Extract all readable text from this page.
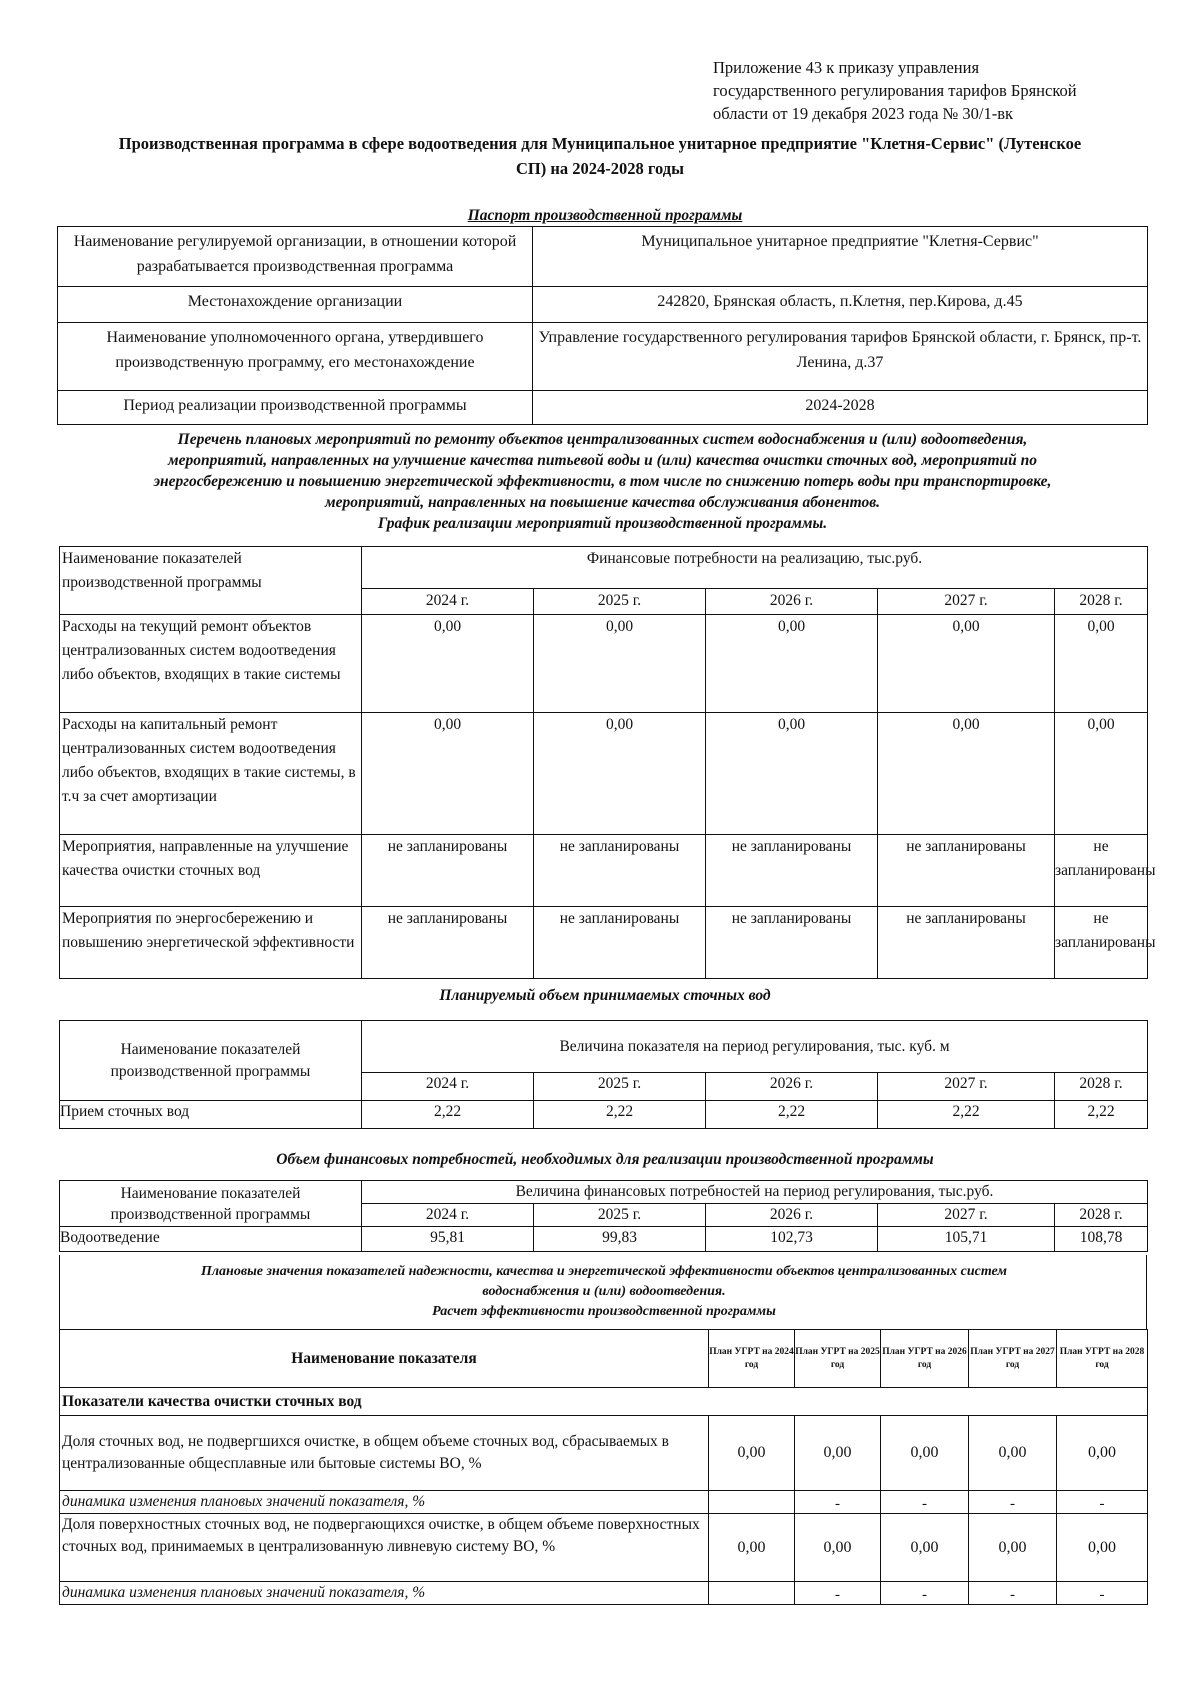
Приложение 43 к приказу управления
государственного регулирования тарифов Брянской
области от 19 декабря 2023 года № 30/1-вк
Производственная программа в сфере водоотведения для Муниципальное унитарное предприятие "Клетня-Сервис" (Лутенское
СП) на 2024-2028 годы
Паспорт производственной программы
Наименование регулируемой организации, в отношении которой разрабатывается производственная программа	Муниципальное унитарное предприятие "Клетня-Сервис"
Местонахождение организации	242820, Брянская область, п.Клетня, пер.Кирова, д.45
Наименование уполномоченного органа, утвердившего производственную программу, его местонахождение	Управление государственного регулирования тарифов Брянской области, г. Брянск, пр-т. Ленина, д.37
Период реализации производственной программы	2024-2028
Перечень плановых мероприятий по ремонту объектов централизованных систем водоснабжения и (или) водоотведения,
мероприятий, направленных на улучшение качества питьевой воды и (или) качества очистки сточных вод, мероприятий по
энергосбережению и повышению энергетической эффективности, в том числе по снижению потерь воды при транспортировке,
мероприятий, направленных на повышение качества обслуживания абонентов.
График реализации мероприятий производственной программы.
Наименование показателей производственной программы	Финансовые потребности на реализацию, тыс.руб.				
	2024 г.	2025 г.	2026 г.	2027 г.	2028 г.
Расходы на текущий ремонт объектов централизованных систем водоотведения либо объектов, входящих в такие системы	0,00	0,00	0,00	0,00	0,00
Расходы на капитальный ремонт централизованных систем водоотведения либо объектов, входящих в такие системы, в т.ч за счет амортизации	0,00	0,00	0,00	0,00	0,00
Мероприятия, направленные на улучшение качества очистки сточных вод	не запланированы	не запланированы	не запланированы	не запланированы	не запланированы
Мероприятия по энергосбережению и повышению энергетической эффективности	не запланированы	не запланированы	не запланированы	не запланированы	не запланированы
Планируемый объем принимаемых сточных вод
Наименование показателей производственной программы	Величина показателя на период регулирования, тыс. куб. м				
	2024 г.	2025 г.	2026 г.	2027 г.	2028 г.
Прием сточных вод	2,22	2,22	2,22	2,22	2,22
Объем финансовых потребностей, необходимых для реализации производственной программы
Наименование показателей производственной программы	Величина финансовых потребностей на период регулирования, тыс.руб.				
	2024 г.	2025 г.	2026 г.	2027 г.	2028 г.
Водоотведение	95,81	99,83	102,73	105,71	108,78
Плановые значения показателей надежности, качества и энергетической эффективности объектов централизованных систем
водоснабжения и (или) водоотведения.
Расчет эффективности производственной программы
Наименование показателя	План УГРТ на 2024 год	План УГРТ на 2025 год	План УГРТ на 2026 год	План УГРТ на 2027 год	План УГРТ на 2028 год
Показатели качества очистки сточных вод					
Доля сточных вод, не подвергшихся очистке, в общем объеме сточных вод, сбрасываемых в централизованные общесплавные или бытовые системы ВО, %	0,00	0,00	0,00	0,00	0,00
динамика изменения плановых значений показателя, %		-	-	-	-
Доля поверхностных сточных вод, не подвергающихся очистке, в общем объеме поверхностных сточных вод, принимаемых в централизованную ливневую систему ВО, %	0,00	0,00	0,00	0,00	0,00
динамика изменения плановых значений показателя, %		-	-	-	-
